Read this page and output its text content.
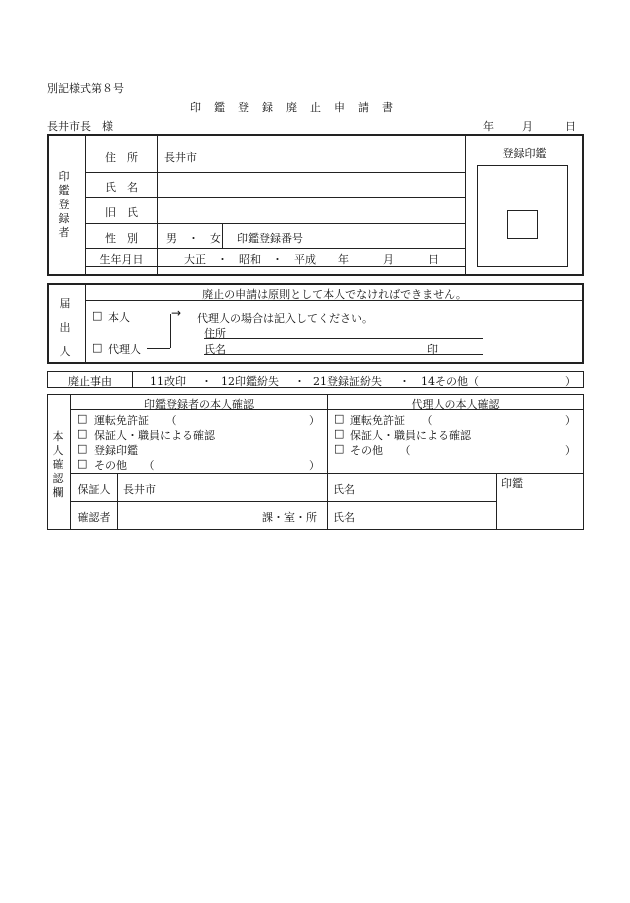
別記様式第８号
印　鑑　登　録　廃　止　申　請　書
長井市長　様	年	月	日
印鑑登録者
住　所	長井市
氏　名
旧　氏
性　別	男　・　女 印鑑登録番号
生年月日	大正　・　昭和　・　平成 年	月	日
登録印鑑
届出人
廃止の申請は原則として本人でなければできません。
□ 本人
□ 代理人
→ 代理人の場合は記入してください。
住所
氏名	印
廃止事由	11改印 ・ 12印鑑紛失 ・ 21登録証紛失 ・ 14その他（	）
本人確認欄
印鑑登録者の本人確認	代理人の本人確認
□ 運転免許証　　（	）
□ 保証人・職員による確認
□ 登録印鑑
□ その他　　（	）
□ 運転免許証　　（	）
□ 保証人・職員による確認
□ その他　　（	）
保証人	長井市	氏名	印鑑
確認者	課・室・所 氏名
